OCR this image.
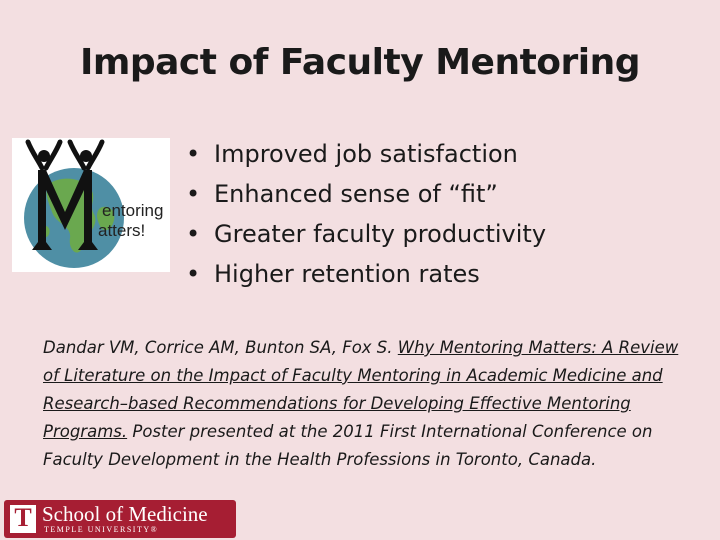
Impact of Faculty Mentoring
entoring
atters!
• Improved job satisfaction
• Enhanced sense of “fit”
• Greater faculty productivity
• Higher retention rates
Dandar VM, Corrice AM, Bunton SA, Fox S. Why Mentoring Matters: A Review of Literature on the Impact of Faculty Mentoring in Academic Medicine and Research–based Recommendations for Developing Effective Mentoring Programs. Poster presented at the 2011 First International Conference on Faculty Development in the Health Professions in Toronto, Canada.
T School of Medicine
TEMPLE UNIVERSITY®
